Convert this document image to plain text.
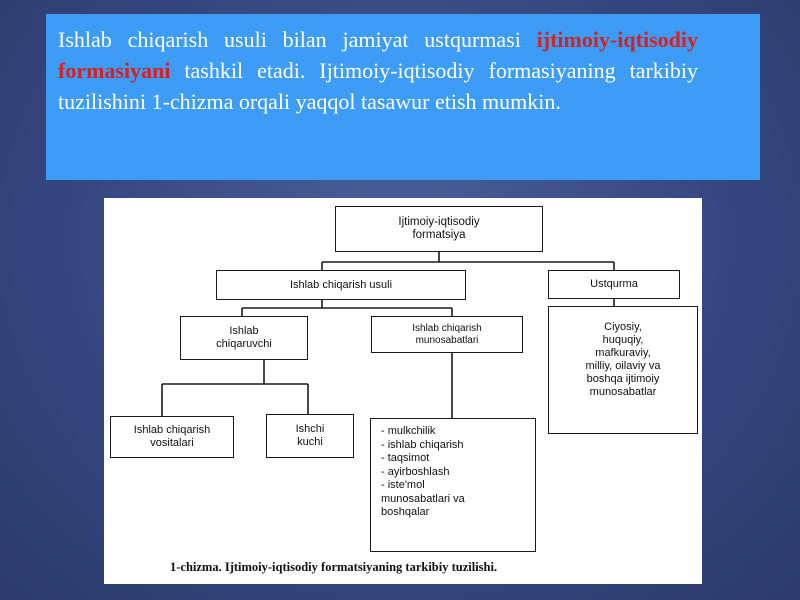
Ishlab chiqarish usuli bilan jamiyat ustqurmasi ijtimoiy-iqtisodiy formasiyani tashkil etadi. Ijtimoiy-iqtisodiy formasiyaning tarkibiy tuzilishini 1-chizma orqali yaqqol tasawur etish mumkin.
Ijtimoiy-iqtisodiy
formatsiya
Ishlab chiqarish usuli	Ustqurma
Ishlab
chiqaruvchi
Ishlab chiqarish
munosabatlari
Ciyosiy,
huquqiy,
mafkuraviy,
milliy, oilaviy va
boshqa ijtimoiy
munosabatlar
Ishlab chiqarish
vositalari
Ishchi
kuchi
- mulkchilik
- ishlab chiqarish
- taqsimot
- ayirboshlash
- iste'mol
munosabatlari va
boshqalar
1-chizma. Ijtimoiy-iqtisodiy formatsiyaning tarkibiy tuzilishi.
